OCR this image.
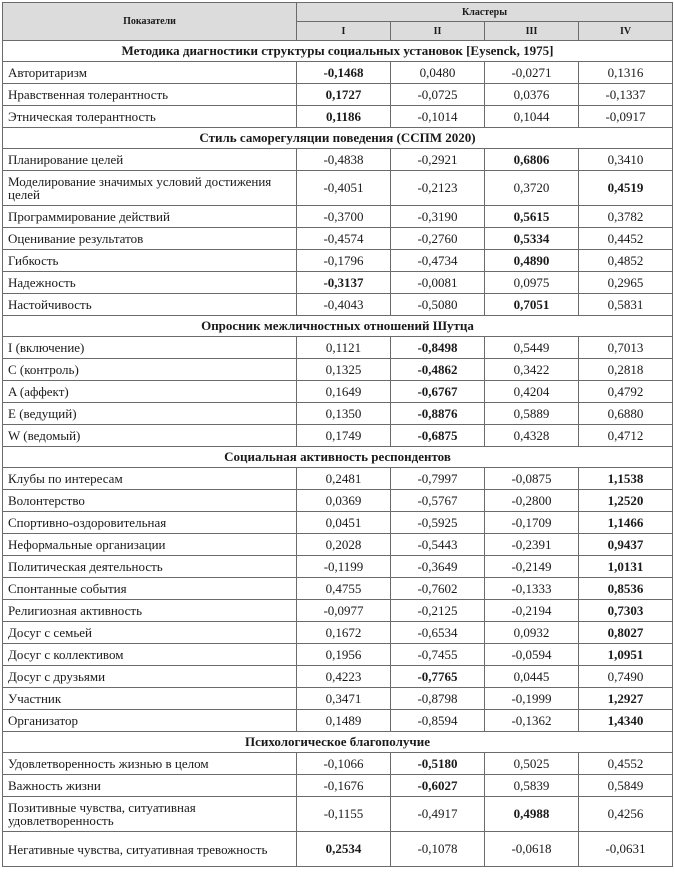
Показатели	Кластеры			
	I	II	III	IV
Методика диагностики структуры социальных установок [Eysenck, 1975]				
Авторитаризм	-0,1468	0,0480	-0,0271	0,1316
Нравственная толерантность	0,1727	-0,0725	0,0376	-0,1337
Этническая толерантность	0,1186	-0,1014	0,1044	-0,0917
Стиль саморегуляции поведения (ССПМ 2020)				
Планирование целей	-0,4838	-0,2921	0,6806	0,3410
Моделирование значимых условий достижения целей	-0,4051	-0,2123	0,3720	0,4519
Программирование действий	-0,3700	-0,3190	0,5615	0,3782
Оценивание результатов	-0,4574	-0,2760	0,5334	0,4452
Гибкость	-0,1796	-0,4734	0,4890	0,4852
Надежность	-0,3137	-0,0081	0,0975	0,2965
Настойчивость	-0,4043	-0,5080	0,7051	0,5831
Опросник межличностных отношений Шутца				
I (включение)	0,1121	-0,8498	0,5449	0,7013
C (контроль)	0,1325	-0,4862	0,3422	0,2818
A (аффект)	0,1649	-0,6767	0,4204	0,4792
E (ведущий)	0,1350	-0,8876	0,5889	0,6880
W (ведомый)	0,1749	-0,6875	0,4328	0,4712
Социальная активность респондентов				
Клубы по интересам	0,2481	-0,7997	-0,0875	1,1538
Волонтерство	0,0369	-0,5767	-0,2800	1,2520
Спортивно-оздоровительная	0,0451	-0,5925	-0,1709	1,1466
Неформальные организации	0,2028	-0,5443	-0,2391	0,9437
Политическая деятельность	-0,1199	-0,3649	-0,2149	1,0131
Спонтанные события	0,4755	-0,7602	-0,1333	0,8536
Религиозная активность	-0,0977	-0,2125	-0,2194	0,7303
Досуг с семьей	0,1672	-0,6534	0,0932	0,8027
Досуг с коллективом	0,1956	-0,7455	-0,0594	1,0951
Досуг с друзьями	0,4223	-0,7765	0,0445	0,7490
Участник	0,3471	-0,8798	-0,1999	1,2927
Организатор	0,1489	-0,8594	-0,1362	1,4340
Психологическое благополучие				
Удовлетворенность жизнью в целом	-0,1066	-0,5180	0,5025	0,4552
Важность жизни	-0,1676	-0,6027	0,5839	0,5849
Позитивные чувства, ситуативная удовлетворенность	-0,1155	-0,4917	0,4988	0,4256
Негативные чувства, ситуативная тревожность	0,2534	-0,1078	-0,0618	-0,0631
